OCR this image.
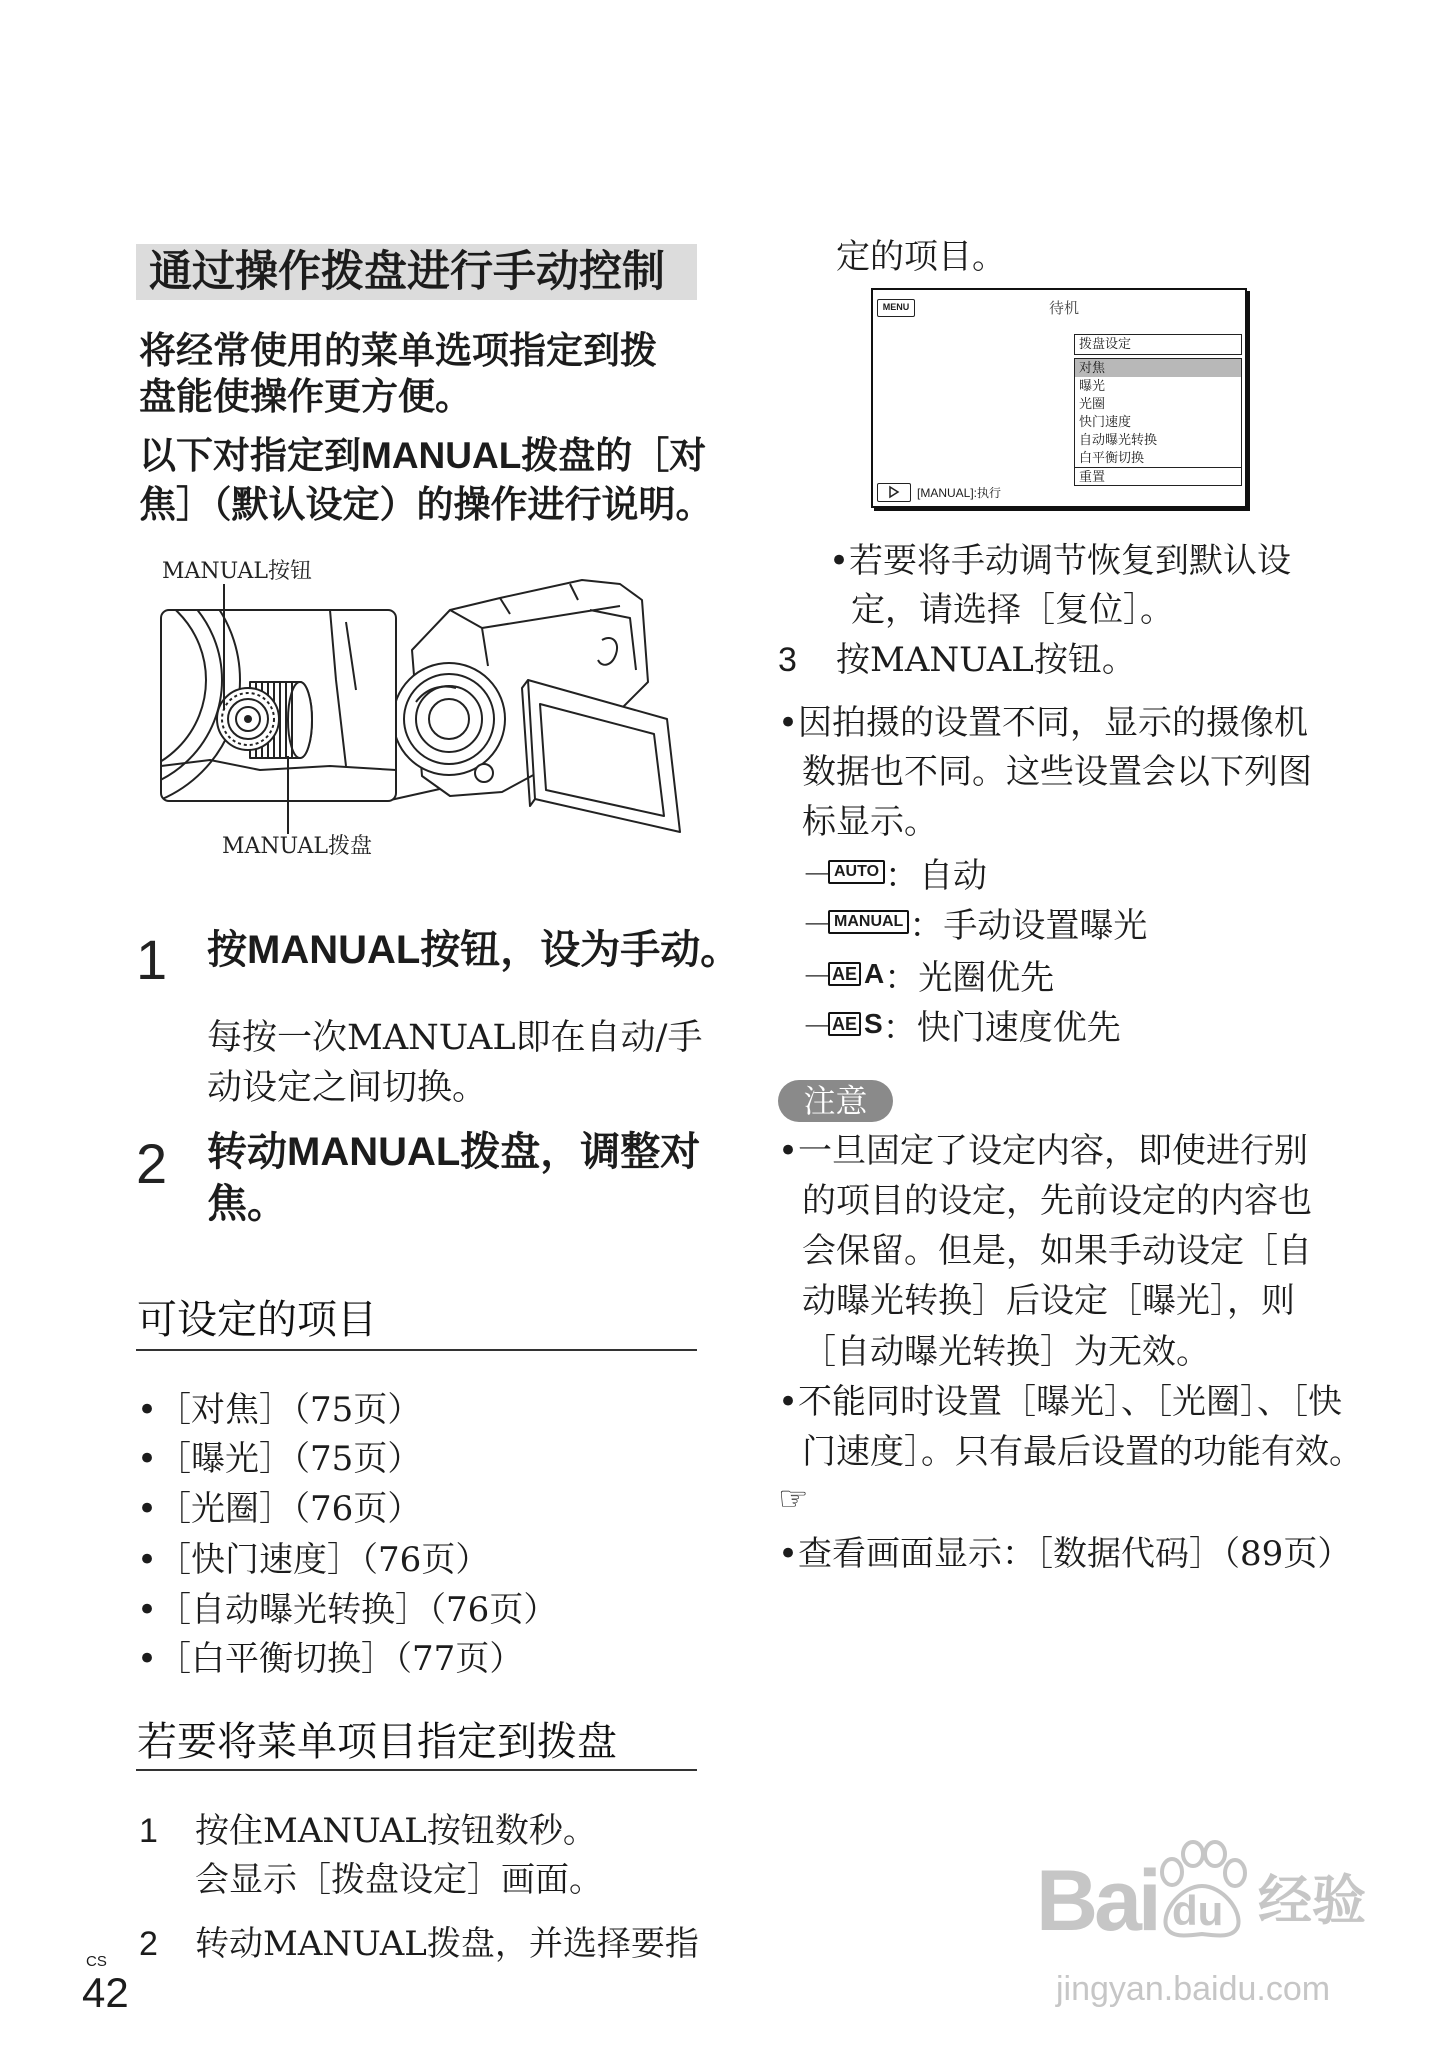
通过操作拨盘进行手动控制
将经常使用的菜单选项指定到拨
盘能使操作更方便。
以下对指定到MANUAL拨盘的［对
焦］（默认设定）的操作进行说明。
MANUAL按钮
MANUAL拨盘
1 按MANUAL按钮，设为手动。
每按一次MANUAL即在自动/手
动设定之间切换。
2 转动MANUAL拨盘，调整对
焦。
可设定的项目
•［对焦］（75页）
•［曝光］（75页）
•［光圈］（76页）
•［快门速度］（76页）
•［自动曝光转换］（76页）
•［白平衡切换］（77页）
若要将菜单项目指定到拨盘
1 按住MANUAL按钮数秒。
会显示［拨盘设定］画面。
2 转动MANUAL拨盘，并选择要指
CS
42
定的项目。
MENU	待机
拨盘设定
对焦
曝光
光圈
快门速度
自动曝光转换
白平衡切换
重置
[MANUAL]:执行
•若要将手动调节恢复到默认设
定，请选择［复位］。
3 按MANUAL按钮。
•因拍摄的设置不同，显示的摄像机
数据也不同。这些设置会以下列图
标显示。
－ AUTO ：自动
－ MANUAL ：手动设置曝光
－ AE A ：光圈优先
－ AE S ：快门速度优先
注意
•一旦固定了设定内容，即使进行别
的项目的设定，先前设定的内容也
会保留。但是，如果手动设定［自
动曝光转换］后设定［曝光］，则
［自动曝光转换］为无效。
•不能同时设置［曝光］、［光圈］、［快
门速度］。只有最后设置的功能有效。
☞
•查看画面显示：［数据代码］（89页）
Bai du 经验
jingyan.baidu.com
